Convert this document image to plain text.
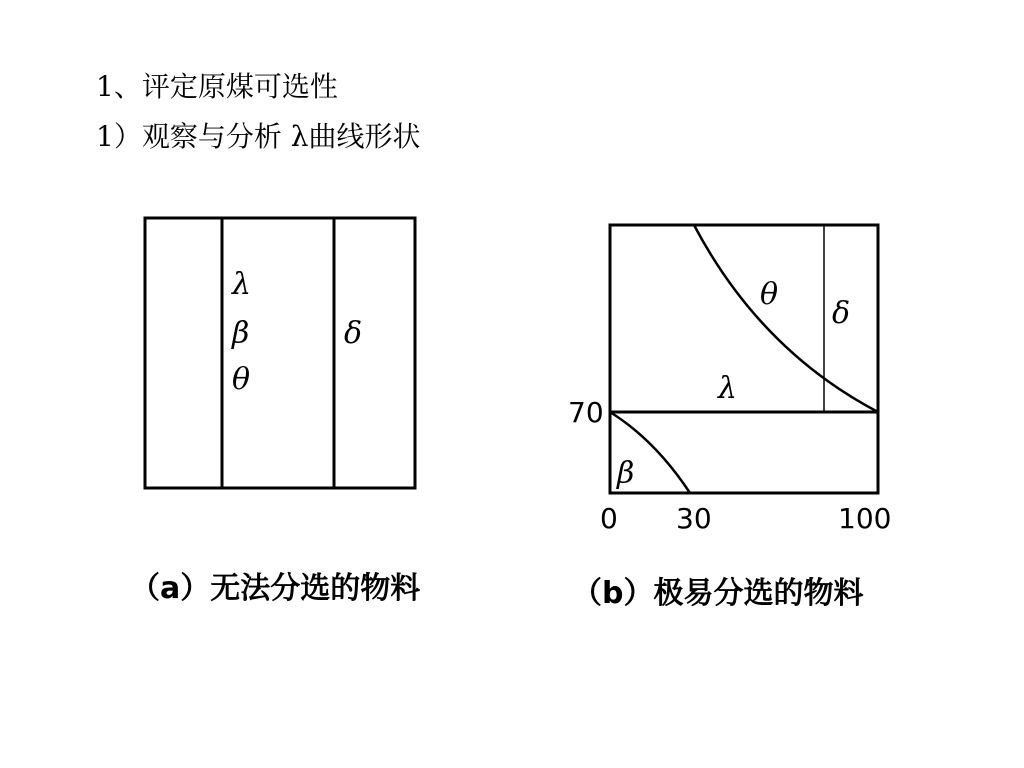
1、评定原煤可选性
1）观察与分析 λ曲线形状
λ
β
θ
δ
（a）无法分选的物料
θ
δ
λ
β
70
0 30	100
（b）极易分选的物料
